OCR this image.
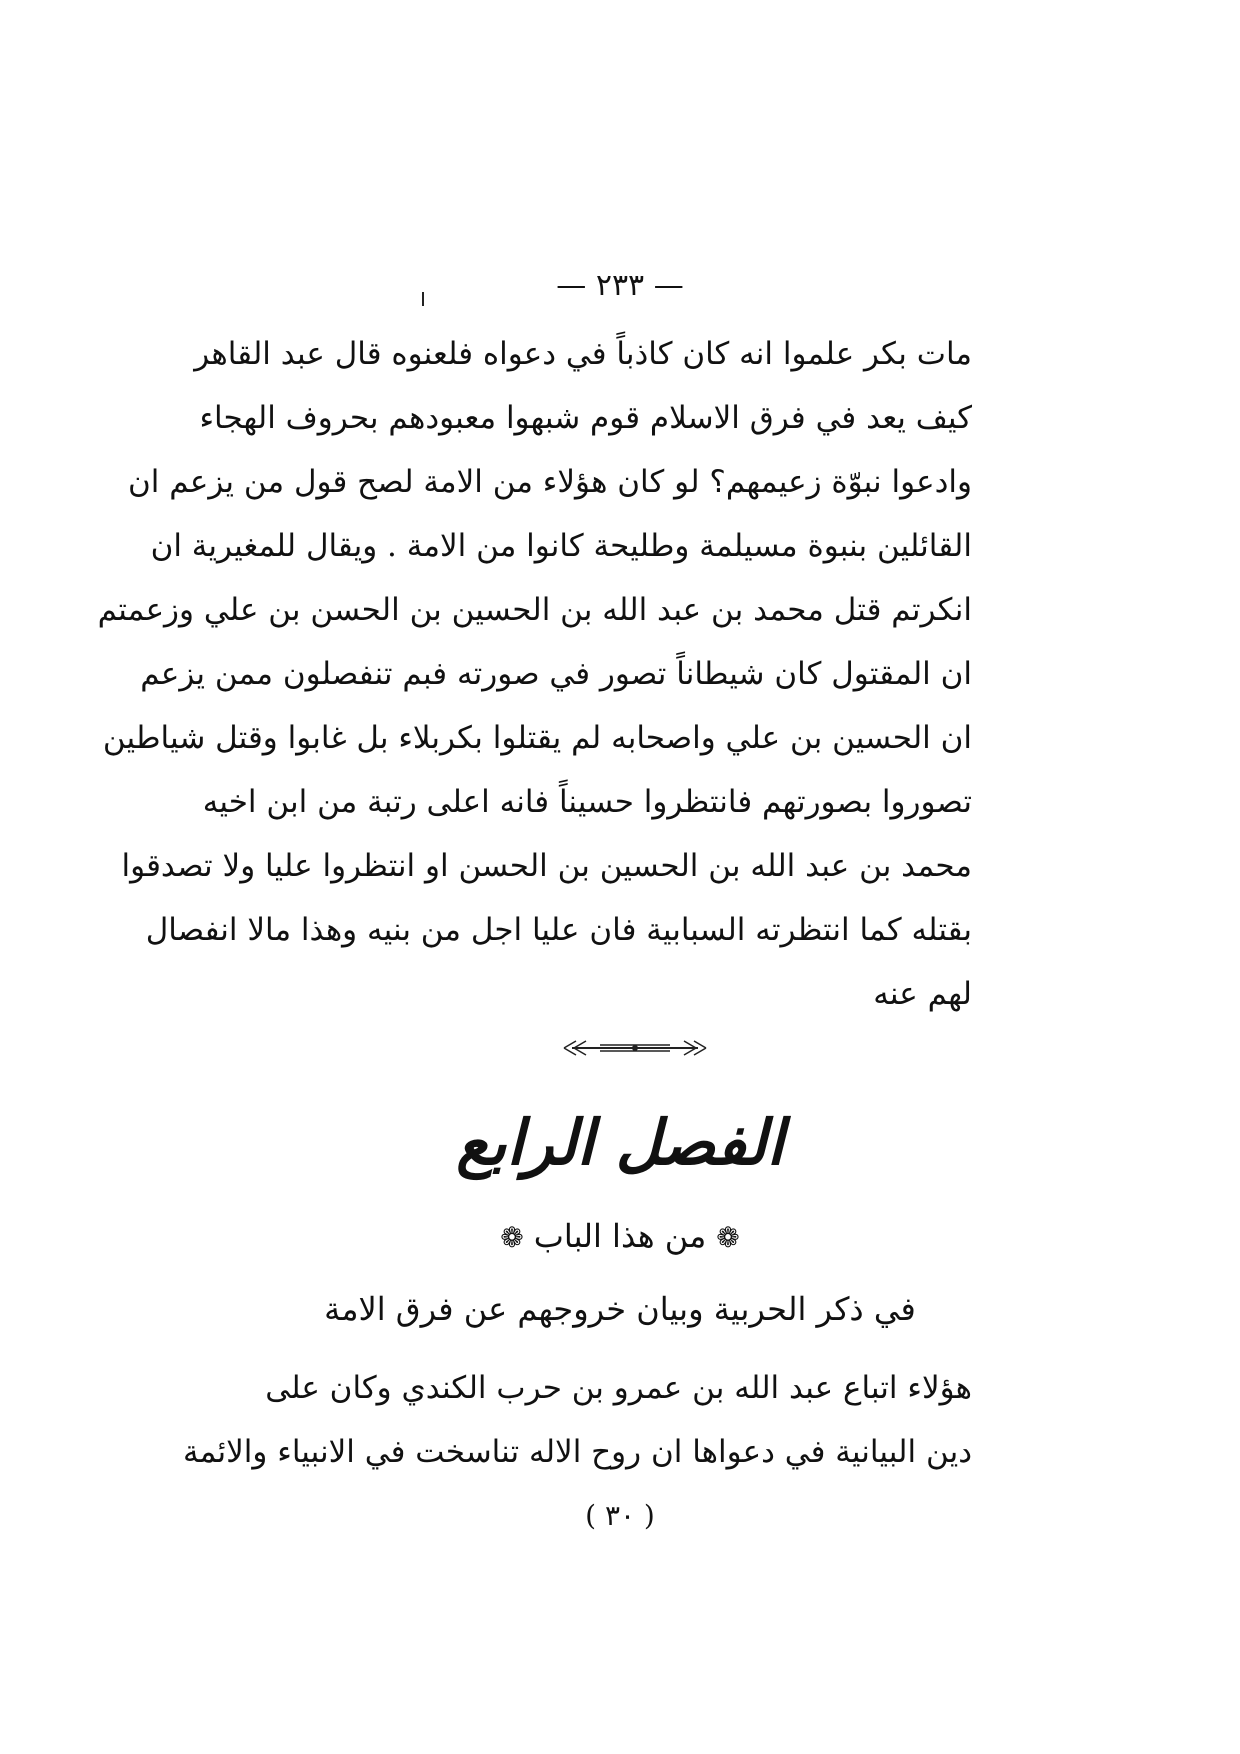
— ٢٣٣ —
مات بكر علموا انه كان كاذباً في دعواه فلعنوه قال عبد القاهر
كيف يعد في فرق الاسلام قوم شبهوا معبودهم بحروف الهجاء
وادعوا نبوّة زعيمهم؟ لو كان هؤلاء من الامة لصح قول من يزعم ان
القائلين بنبوة مسيلمة وطليحة كانوا من الامة . ويقال للمغيرية ان
انكرتم قتل محمد بن عبد الله بن الحسين بن الحسن بن علي وزعمتم
ان المقتول كان شيطاناً تصور في صورته فبم تنفصلون ممن يزعم
ان الحسين بن علي واصحابه لم يقتلوا بكربلاء بل غابوا وقتل شياطين
تصوروا بصورتهم فانتظروا حسيناً فانه اعلى رتبة من ابن اخيه
محمد بن عبد الله بن الحسين بن الحسن او انتظروا عليا ولا تصدقوا
بقتله كما انتظرته السبابية فان عليا اجل من بنيه وهذا مالا انفصال
لهم عنه
الفصل الرابع
❁من هذا الباب❁
في ذكر الحربية وبيان خروجهم عن فرق الامة
هؤلاء اتباع عبد الله بن عمرو بن حرب الكندي وكان على
دين البيانية في دعواها ان روح الاله تناسخت في الانبياء والائمة
( ٣٠ )
